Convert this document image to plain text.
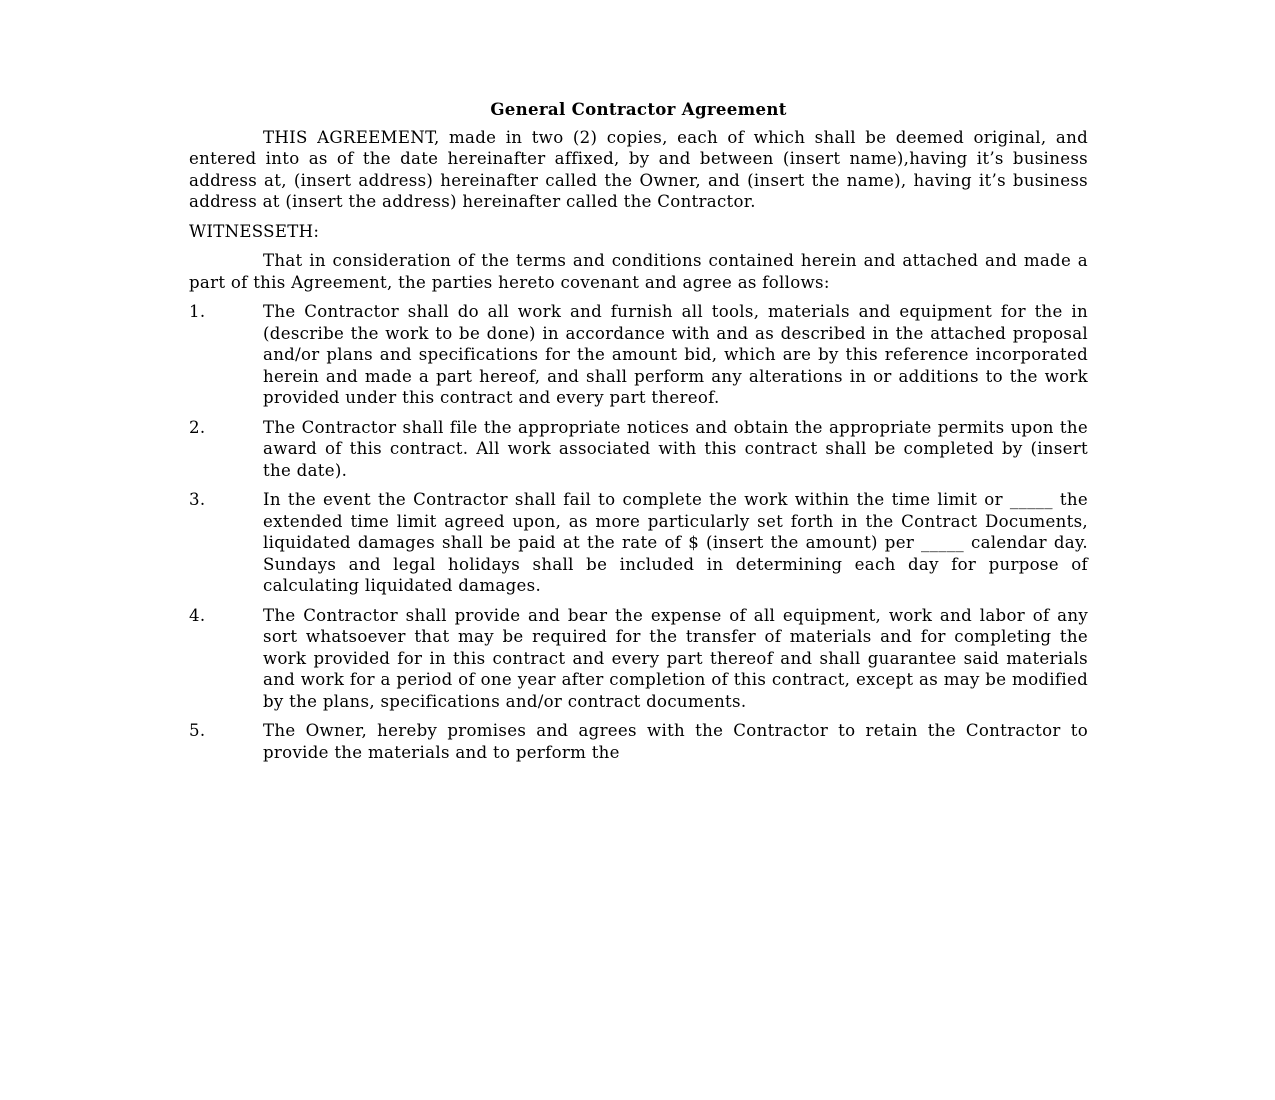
General Contractor Agreement

THIS AGREEMENT, made in two (2) copies, each of which shall be deemed original, and entered into as of the date hereinafter affixed, by and between (insert name),having it’s business address at, (insert address) hereinafter called the Owner, and (insert the name), having it’s business address at (insert the address) hereinafter called the Contractor.

WITNESSETH:

That in consideration of the terms and conditions contained herein and attached and made a part of this Agreement, the parties hereto covenant and agree as follows:

1.	The Contractor shall do all work and furnish all tools, materials and equipment for the in (describe the work to be done) in accordance with and as described in the attached proposal and/or plans and specifications for the amount bid, which are by this reference incorporated herein and made a part hereof, and shall perform any alterations in or additions to the work provided under this contract and every part thereof.
2.	The Contractor shall file the appropriate notices and obtain the appropriate permits upon the award of this contract. All work associated with this contract shall be completed by (insert the date).
3.	In the event the Contractor shall fail to complete the work within the time limit or _____ the extended time limit agreed upon, as more particularly set forth in the Contract Documents, liquidated damages shall be paid at the rate of $ (insert the amount) per _____ calendar day. Sundays and legal holidays shall be included in determining each day for purpose of calculating liquidated damages.
4.	The Contractor shall provide and bear the expense of all equipment, work and labor of any sort whatsoever that may be required for the transfer of materials and for completing the work provided for in this contract and every part thereof and shall guarantee said materials and work for a period of one year after completion of this contract, except as may be modified by the plans, specifications and/or contract documents.
5.	The Owner, hereby promises and agrees with the Contractor to retain the Contractor to provide the materials and to perform the
